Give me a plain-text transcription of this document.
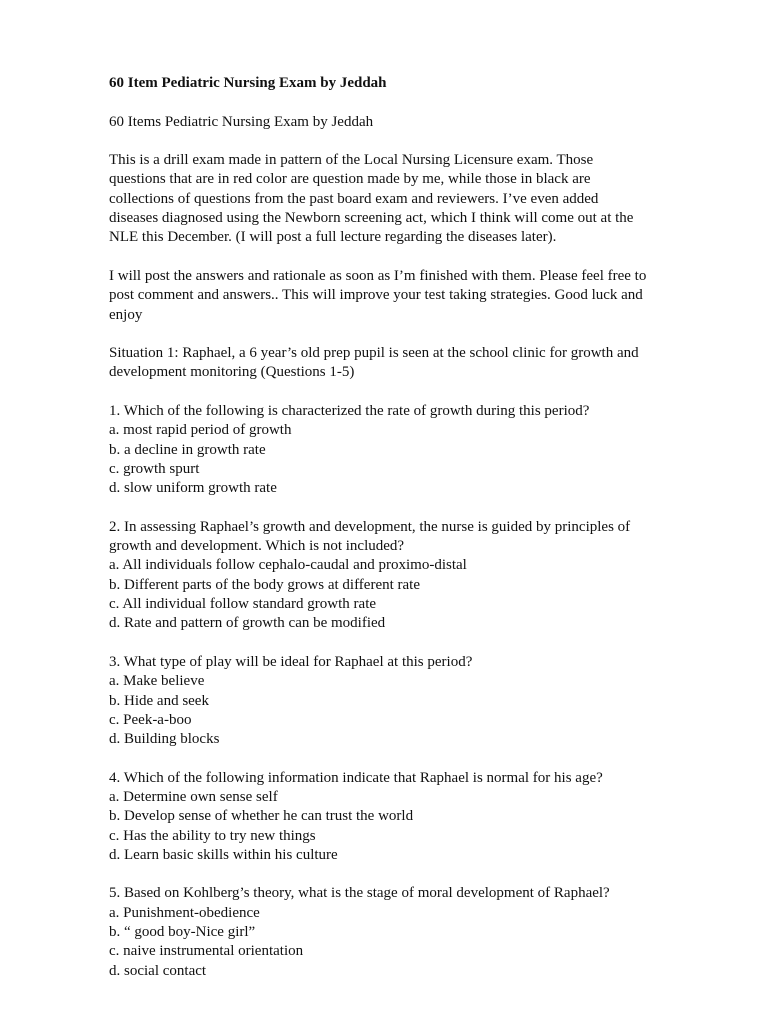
60 Item Pediatric Nursing Exam by Jeddah
60 Items Pediatric Nursing Exam by Jeddah
This is a drill exam made in pattern of the Local Nursing Licensure exam. Those
questions that are in red color are question made by me, while those in black are
collections of questions from the past board exam and reviewers. I’ve even added
diseases diagnosed using the Newborn screening act, which I think will come out at the
NLE this December. (I will post a full lecture regarding the diseases later).
I will post the answers and rationale as soon as I’m finished with them. Please feel free to
post comment and answers.. This will improve your test taking strategies. Good luck and
enjoy
Situation 1: Raphael, a 6 year’s old prep pupil is seen at the school clinic for growth and
development monitoring (Questions 1-5)
1. Which of the following is characterized the rate of growth during this period?
a. most rapid period of growth
b. a decline in growth rate
c. growth spurt
d. slow uniform growth rate
2. In assessing Raphael’s growth and development, the nurse is guided by principles of
growth and development. Which is not included?
a. All individuals follow cephalo-caudal and proximo-distal
b. Different parts of the body grows at different rate
c. All individual follow standard growth rate
d. Rate and pattern of growth can be modified
3. What type of play will be ideal for Raphael at this period?
a. Make believe
b. Hide and seek
c. Peek-a-boo
d. Building blocks
4. Which of the following information indicate that Raphael is normal for his age?
a. Determine own sense self
b. Develop sense of whether he can trust the world
c. Has the ability to try new things
d. Learn basic skills within his culture
5. Based on Kohlberg’s theory, what is the stage of moral development of Raphael?
a. Punishment-obedience
b. “ good boy-Nice girl”
c. naive instrumental orientation
d. social contact
